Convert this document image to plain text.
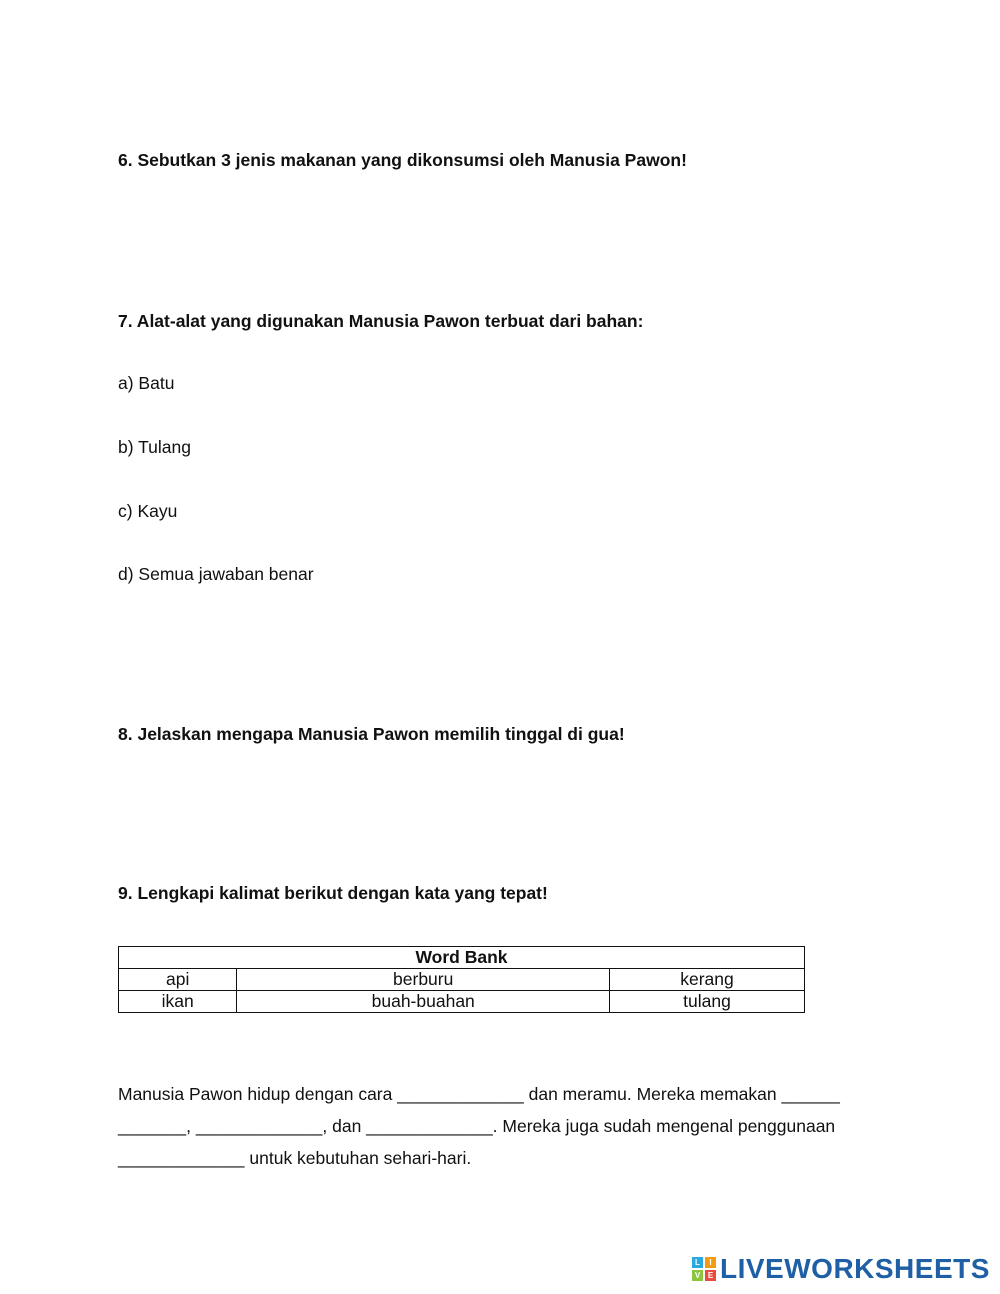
6. Sebutkan 3 jenis makanan yang dikonsumsi oleh Manusia Pawon!

7. Alat-alat yang digunakan Manusia Pawon terbuat dari bahan:

a) Batu

b) Tulang

c) Kayu

d) Semua jawaban benar

8. Jelaskan mengapa Manusia Pawon memilih tinggal di gua!

9. Lengkapi kalimat berikut dengan kata yang tepat!

Word Bank		
api	berburu	kerang
ikan	buah-buahan	tulang
Manusia Pawon hidup dengan cara _____________ dan meramu. Mereka memakan ______
_______, _____________, dan _____________. Mereka juga sudah mengenal penggunaan
_____________ untuk kebutuhan sehari-hari.
L	I
V E LIVEWORKSHEETS
